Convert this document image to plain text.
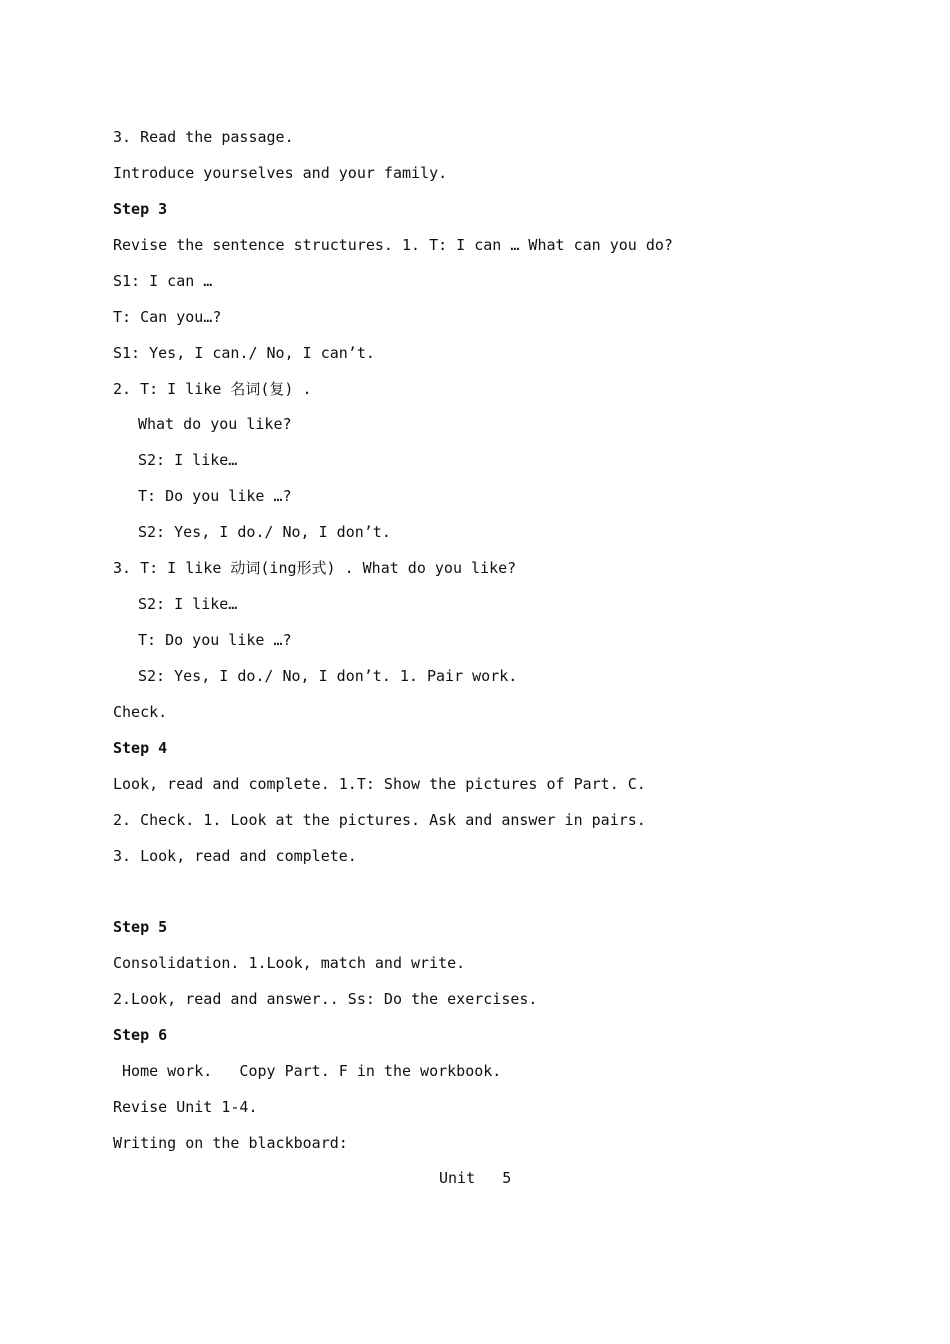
3. Read the passage.
Introduce yourselves and your family.
Step 3
Revise the sentence structures. 1. T: I can … What can you do?
S1: I can …
T: Can you…?
S1: Yes, I can./ No, I can’t.
2. T: I like 名词(复) .
What do you like?
S2: I like…
T: Do you like …?
S2: Yes, I do./ No, I don’t.
3. T: I like 动词(ing形式) . What do you like?
S2: I like…
T: Do you like …?
S2: Yes, I do./ No, I don’t. 1. Pair work.
Check.
Step 4
Look, read and complete. 1.T: Show the pictures of Part. C.
2. Check. 1. Look at the pictures. Ask and answer in pairs.
3. Look, read and complete.
Step 5
Consolidation. 1.Look, match and write.
2.Look, read and answer.. Ss: Do the exercises.
Step 6
Home work.   Copy Part. F in the workbook.
Revise Unit 1-4.
Writing on the blackboard:
Unit   5
